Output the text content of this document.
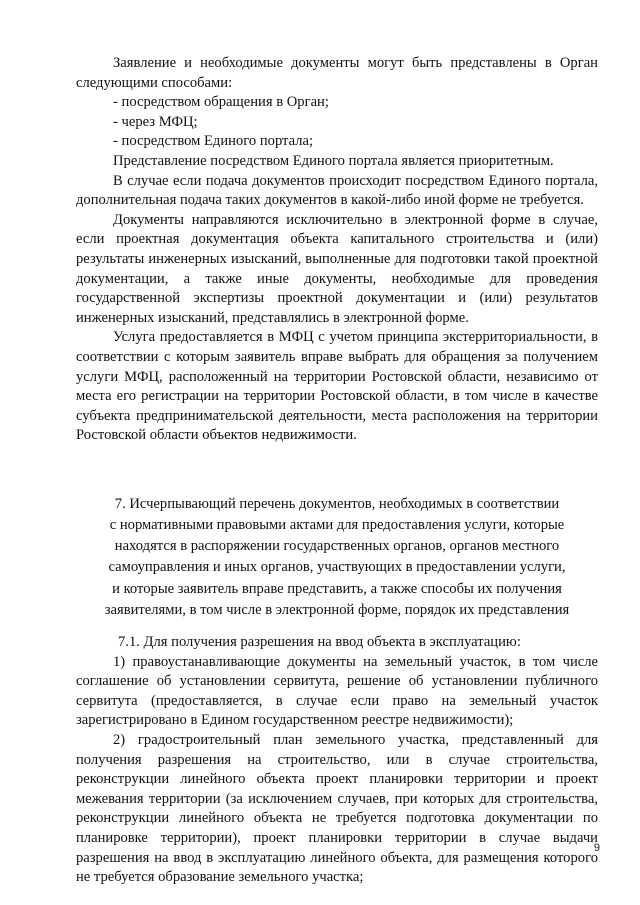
Заявление и необходимые документы могут быть представлены в Орган следующими способами:

- посредством обращения в Орган;

- через МФЦ;

- посредством Единого портала;

Представление посредством Единого портала является приоритетным.

В случае если подача документов происходит посредством Единого портала, дополнительная подача таких документов в какой-либо иной форме не требуется.

Документы направляются исключительно в электронной форме в случае, если проектная документация объекта капитального строительства и (или) результаты инженерных изысканий, выполненные для подготовки такой проектной документации, а также иные документы, необходимые для проведения государственной экспертизы проектной документации и (или) результатов инженерных изысканий, представлялись в электронной форме.

Услуга предоставляется в МФЦ с учетом принципа экстерриториальности, в соответствии с которым заявитель вправе выбрать для обращения за получением услуги МФЦ, расположенный на территории Ростовской области, независимо от места его регистрации на территории Ростовской области, в том числе в качестве субъекта предпринимательской деятельности, места расположения на территории Ростовской области объектов недвижимости.

7. Исчерпывающий перечень документов, необходимых в соответствии
с нормативными правовыми актами для предоставления услуги, которые
находятся в распоряжении государственных органов, органов местного
самоуправления и иных органов, участвующих в предоставлении услуги,
и которые заявитель вправе представить, а также способы их получения
заявителями, в том числе в электронной форме, порядок их представления

7.1. Для получения разрешения на ввод объекта в эксплуатацию:

1) правоустанавливающие документы на земельный участок, в том числе соглашение об установлении сервитута, решение об установлении публичного сервитута (предоставляется, в случае если право на земельный участок зарегистрировано в Едином государственном реестре недвижимости);

2) градостроительный план земельного участка, представленный для получения разрешения на строительство, или в случае строительства, реконструкции линейного объекта проект планировки территории и проект межевания территории (за исключением случаев, при которых для строительства, реконструкции линейного объекта не требуется подготовка документации по планировке территории), проект планировки территории в случае выдачи разрешения на ввод в эксплуатацию линейного объекта, для размещения которого не требуется образование земельного участка;

9
